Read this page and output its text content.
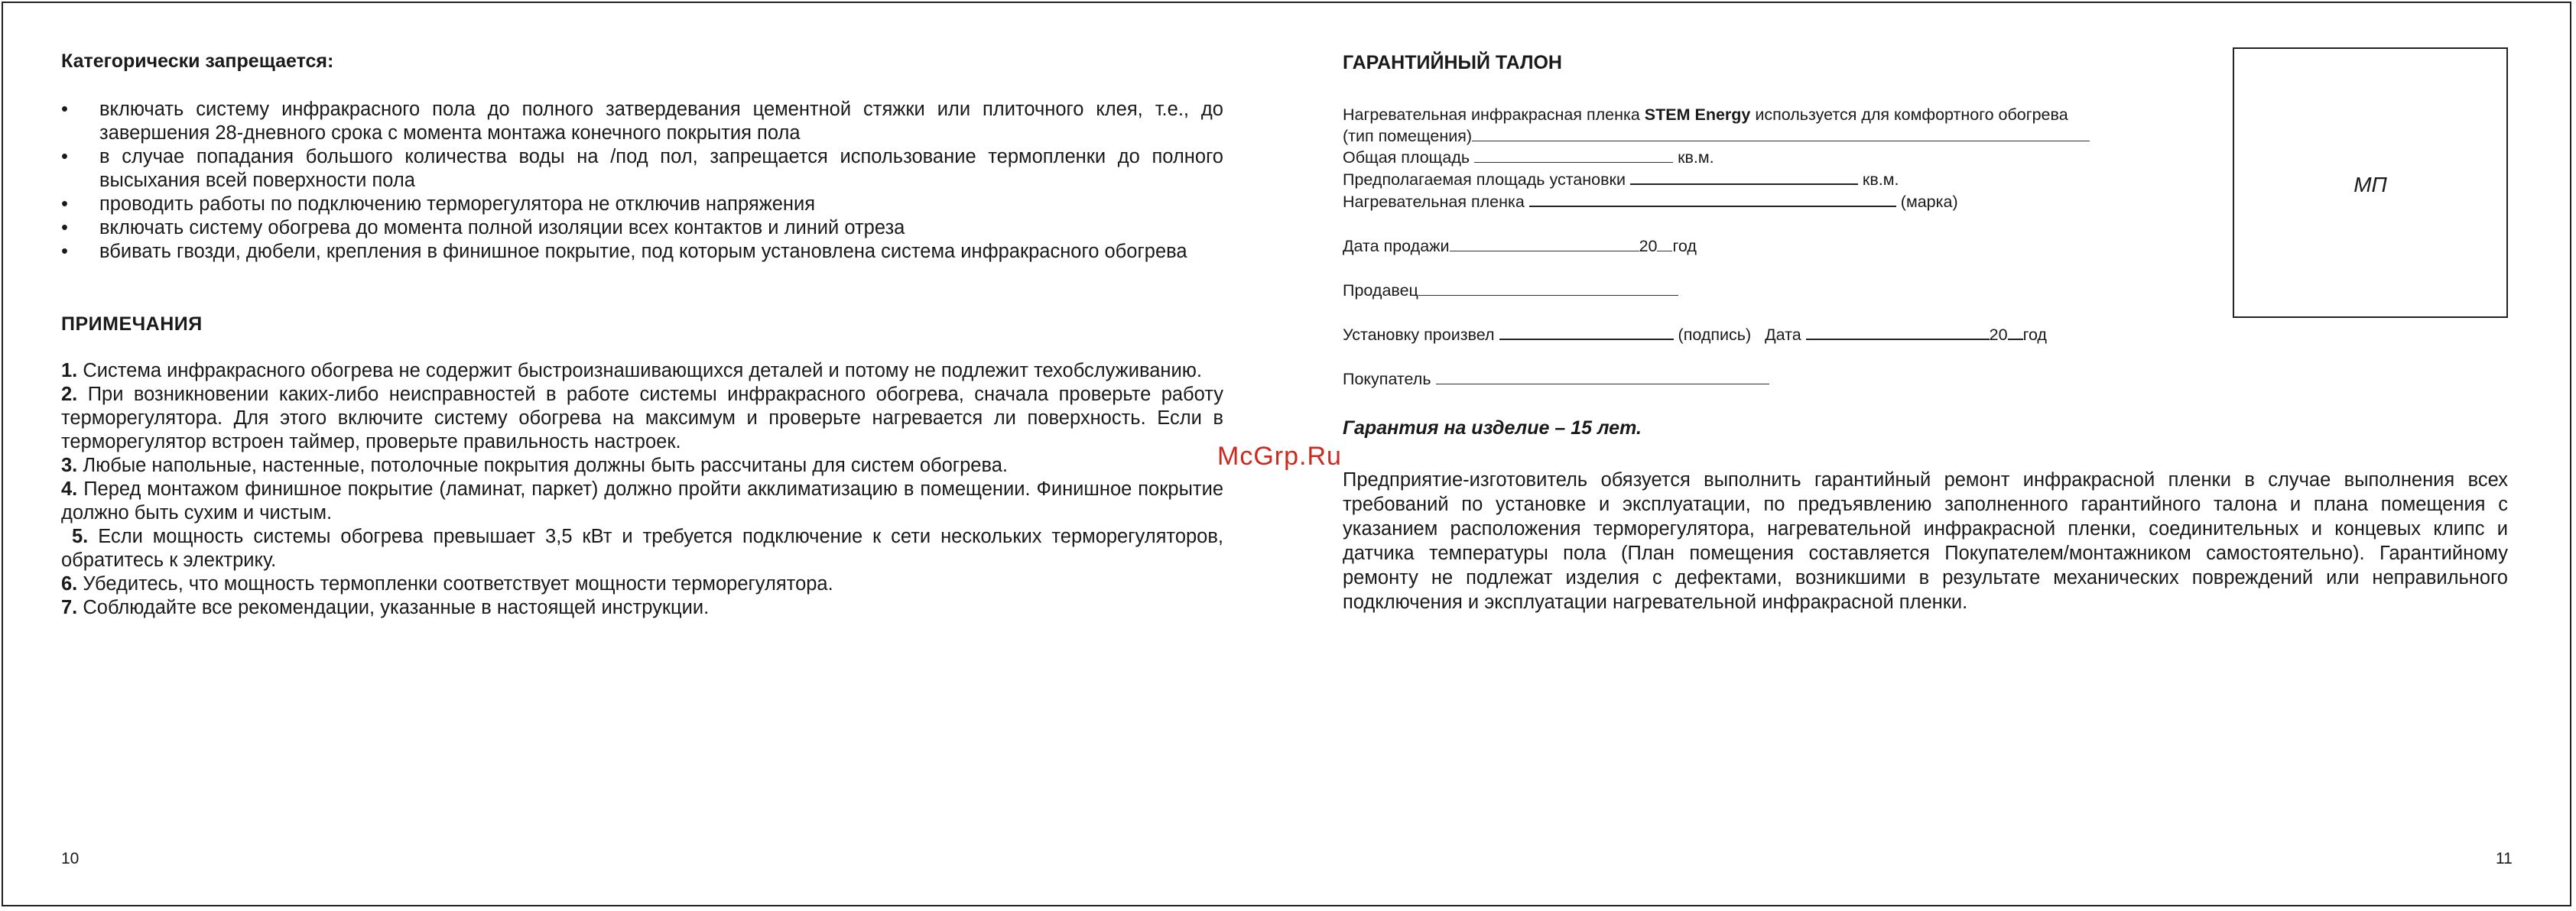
Категорически запрещается:
• включать систему инфракрасного пола до полного затвердевания цементной стяжки или плиточного клея, т.е., до завершения 28-дневного срока с момента монтажа конечного покрытия пола
• в случае попадания большого количества воды на /под пол, запрещается использование термопленки до полного высыхания всей поверхности пола
• проводить работы по подключению терморегулятора не отключив напряжения
• включать систему обогрева до момента полной изоляции всех контактов и линий отреза
• вбивать гвозди, дюбели, крепления в финишное покрытие, под которым установлена система инфракрасного обогрева
ПРИМЕЧАНИЯ
1. Система инфракрасного обогрева не содержит быстроизнашивающихся деталей и потому не подлежит техобслуживанию.
2. При возникновении каких-либо неисправностей в работе системы инфракрасного обогрева, сначала проверьте работу терморегулятора. Для этого включите систему обогрева на максимум и проверьте нагревается ли поверхность. Если в терморегулятор встроен таймер, проверьте правильность настроек.
3. Любые напольные, настенные, потолочные покрытия должны быть рассчитаны для систем обогрева.
4. Перед монтажом финишное покрытие (ламинат, паркет) должно пройти акклиматизацию в помещении. Финишное покрытие должно быть сухим и чистым.
5. Если мощность системы обогрева превышает 3,5 кВт и требуется подключение к сети нескольких терморегуляторов, обратитесь к электрику.
6. Убедитесь, что мощность термопленки соответствует мощности терморегулятора.
7. Соблюдайте все рекомендации, указанные в настоящей инструкции.
10
McGrp.Ru
ГАРАНТИЙНЫЙ ТАЛОН
МП
Нагревательная инфракрасная пленка STEM Energy используется для комфортного обогрева
(тип помещения)
Общая площадь	кв.м.
Предполагаемая площадь установки	кв.м.
Нагревательная пленка	(марка)
Дата продажи	20 год
Продавец
Установку произвел	(подпись) Дата	20 год
Покупатель
Гарантия на изделие – 15 лет.
Предприятие-изготовитель обязуется выполнить гарантийный ремонт инфракрасной пленки в случае выполнения всех требований по установке и эксплуатации, по предъявлению заполненного гарантийного талона и плана помещения с указанием расположения терморегулятора, нагревательной инфракрасной пленки, соединительных и концевых клипс и датчика температуры пола (План помещения составляется Покупателем/монтажником самостоятельно). Гарантийному ремонту не подлежат изделия с дефектами, возникшими в результате механических повреждений или неправильного подключения и эксплуатации нагревательной инфракрасной пленки.
11
